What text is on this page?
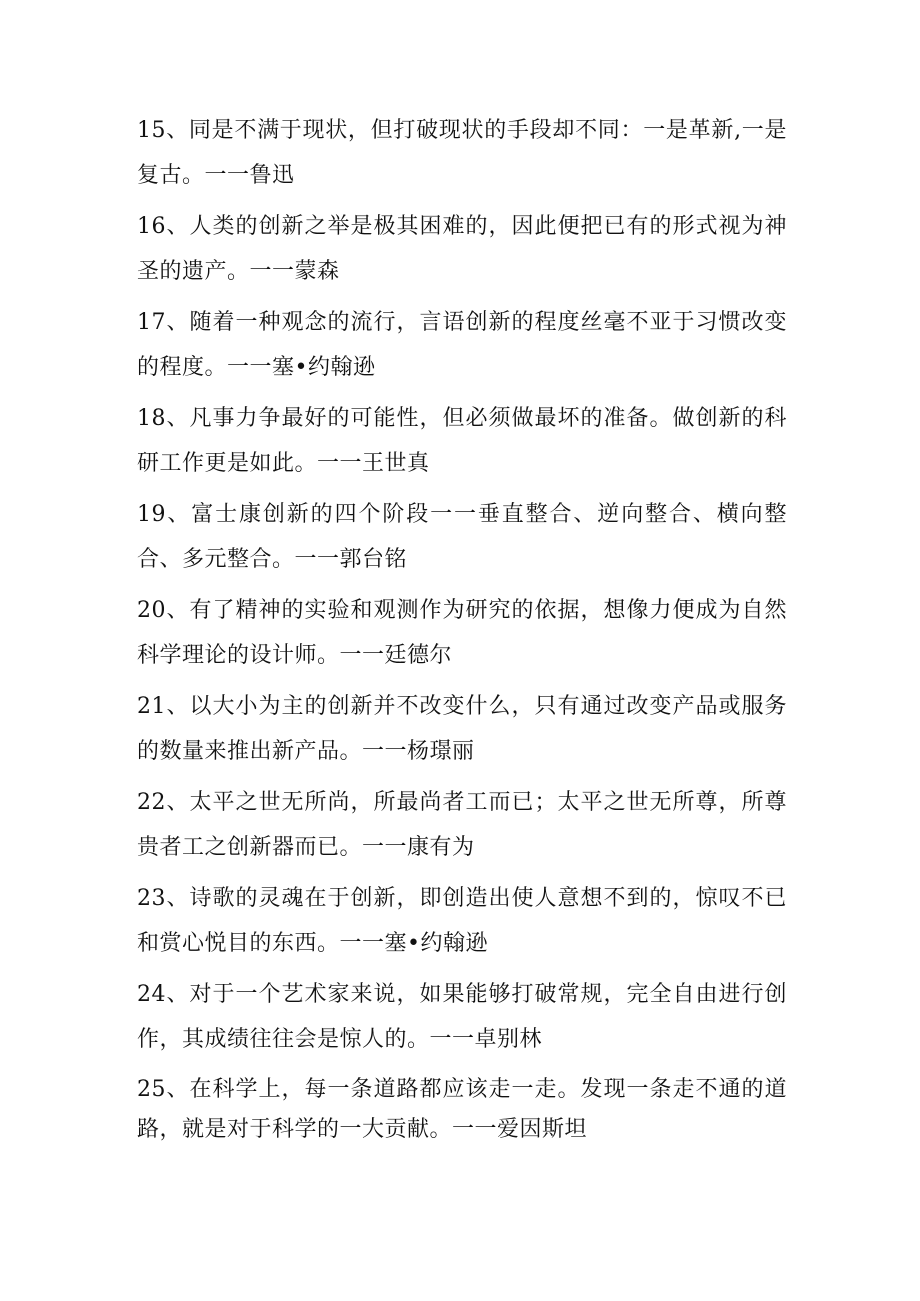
15、同是不满于现状，但打破现状的手段却不同：一是革新,一是复古。一一鲁迅
16、人类的创新之举是极其困难的，因此便把已有的形式视为神圣的遗产。一一蒙森
17、随着一种观念的流行，言语创新的程度丝毫不亚于习惯改变的程度。一一塞•约翰逊
18、凡事力争最好的可能性，但必须做最坏的准备。做创新的科研工作更是如此。一一王世真
19、富士康创新的四个阶段一一垂直整合、逆向整合、横向整合、多元整合。一一郭台铭
20、有了精神的实验和观测作为研究的依据，想像力便成为自然科学理论的设计师。一一廷德尔
21、以大小为主的创新并不改变什么，只有通过改变产品或服务的数量来推出新产品。一一杨璟丽
22、太平之世无所尚，所最尚者工而已；太平之世无所尊，所尊贵者工之创新器而已。一一康有为
23、诗歌的灵魂在于创新，即创造出使人意想不到的，惊叹不已和赏心悦目的东西。一一塞•约翰逊
24、对于一个艺术家来说，如果能够打破常规，完全自由进行创作，其成绩往往会是惊人的。一一卓别林
25、在科学上，每一条道路都应该走一走。发现一条走不通的道路，就是对于科学的一大贡献。一一爱因斯坦
